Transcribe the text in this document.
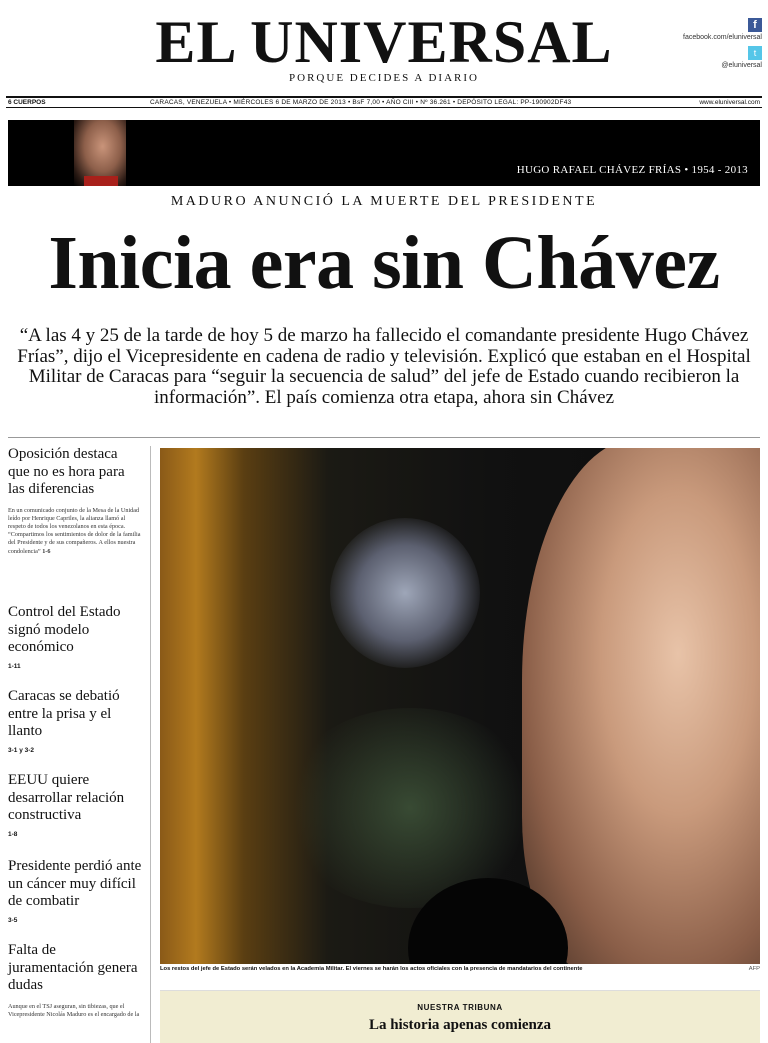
EL UNIVERSAL
PORQUE DECIDES A DIARIO
f
facebook.com/eluniversal
t
@eluniversal
6 CUERPOS	CARACAS, VENEZUELA • MIÉRCOLES 6 DE MARZO DE 2013 • BsF 7,00 • AÑO CIII • Nº 36.261 • DEPÓSITO LEGAL: PP-190902DF43	www.eluniversal.com
HUGO RAFAEL CHÁVEZ FRÍAS • 1954 - 2013
MADURO ANUNCIÓ LA MUERTE DEL PRESIDENTE
Inicia era sin Chávez
“A las 4 y 25 de la tarde de hoy 5 de marzo ha fallecido el comandante presidente Hugo Chávez Frías”, dijo el Vicepresidente en cadena de radio y televisión. Explicó que estaban en el Hospital Militar de Caracas para “seguir la secuencia de salud” del jefe de Estado cuando recibieron la información”. El país comienza otra etapa, ahora sin Chávez
Oposición destaca que no es hora para las diferencias
En un comunicado conjunto de la Mesa de la Unidad leído por Henrique Capriles, la alianza llamó al respeto de todos los venezolanos en esta época. “Compartimos los sentimientos de dolor de la familia del Presidente y de sus compañeros. A ellos nuestra condolencia” 1-6
Control del Estado signó modelo económico
1-11
Caracas se debatió entre la prisa y el llanto
3-1 y 3-2
EEUU quiere desarrollar relación constructiva
1-8
Presidente perdió ante un cáncer muy difícil de combatir
3-5
Falta de juramentación genera dudas
Aunque en el TSJ aseguran, sin tibiezas, que el Vicepresidente Nicolás Maduro es el encargado de la
Los restos del jefe de Estado serán velados en la Academia Militar. El viernes se harán los actos oficiales con la presencia de mandatarios del continente	AFP
NUESTRA TRIBUNA
La historia apenas comienza
